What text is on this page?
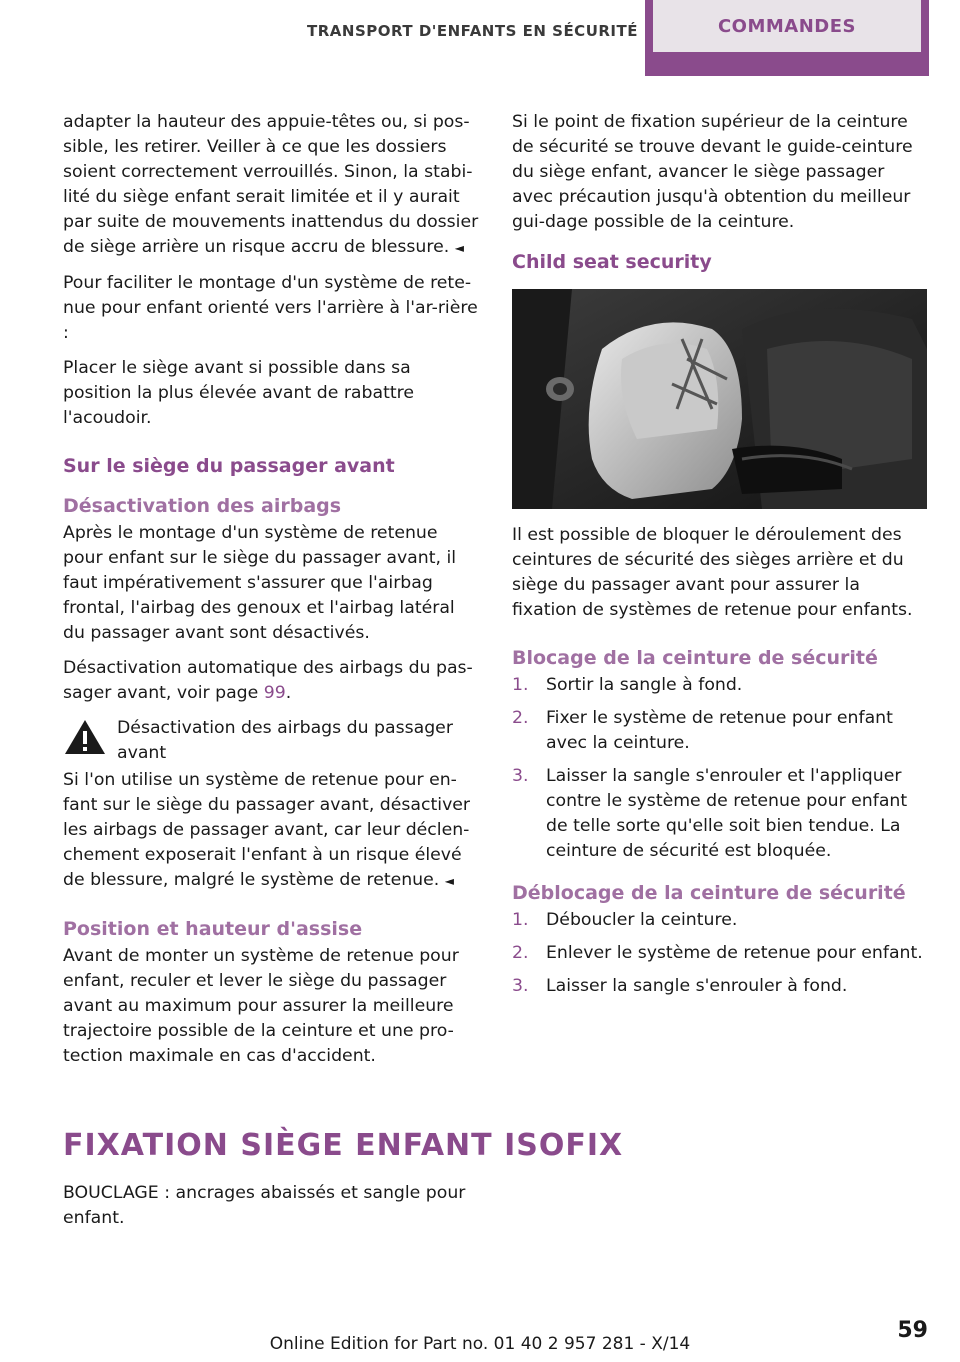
TRANSPORT D'ENFANTS EN SÉCURITÉ	COMMANDES

adapter la hauteur des appuie-têtes ou, si pos-sible, les retirer. Veiller à ce que les dossiers soient correctement verrouillés. Sinon, la stabi-lité du siège enfant serait limitée et il y aurait par suite de mouvements inattendus du dossier de siège arrière un risque accru de blessure. ◄

Pour faciliter le montage d'un système de rete-nue pour enfant orienté vers l'arrière à l'ar-rière :

Placer le siège avant si possible dans sa position la plus élevée avant de rabattre l'acoudoir.

Sur le siège du passager avant
Désactivation des airbags

Après le montage d'un système de retenue pour enfant sur le siège du passager avant, il faut impérativement s'assurer que l'airbag frontal, l'airbag des genoux et l'airbag latéral du passager avant sont désactivés.

Désactivation automatique des airbags du pas-sager avant, voir page 99.

Désactivation des airbags du passager avant

Si l'on utilise un système de retenue pour en-fant sur le siège du passager avant, désactiver les airbags de passager avant, car leur déclen-chement exposerait l'enfant à un risque élevé de blessure, malgré le système de retenue. ◄

Position et hauteur d'assise

Avant de monter un système de retenue pour enfant, reculer et lever le siège du passager avant au maximum pour assurer la meilleure trajectoire possible de la ceinture et une pro-tection maximale en cas d'accident.

Si le point de fixation supérieur de la ceinture de sécurité se trouve devant le guide-ceinture du siège enfant, avancer le siège passager avec précaution jusqu'à obtention du meilleur gui-dage possible de la ceinture.

Child seat security

Il est possible de bloquer le déroulement des ceintures de sécurité des sièges arrière et du siège du passager avant pour assurer la fixation de systèmes de retenue pour enfants.

Blocage de la ceinture de sécurité
1.	Sortir la sangle à fond.
2.	Fixer le système de retenue pour enfant avec la ceinture.
3.	Laisser la sangle s'enrouler et l'appliquer contre le système de retenue pour enfant de telle sorte qu'elle soit bien tendue. La ceinture de sécurité est bloquée.
Déblocage de la ceinture de sécurité
1.	Déboucler la ceinture.
2.	Enlever le système de retenue pour enfant.
3.	Laisser la sangle s'enrouler à fond.
FIXATION SIÈGE ENFANT ISOFIX

BOUCLAGE : ancrages abaissés et sangle pour enfant.

59
Online Edition for Part no. 01 40 2 957 281 - X/14
